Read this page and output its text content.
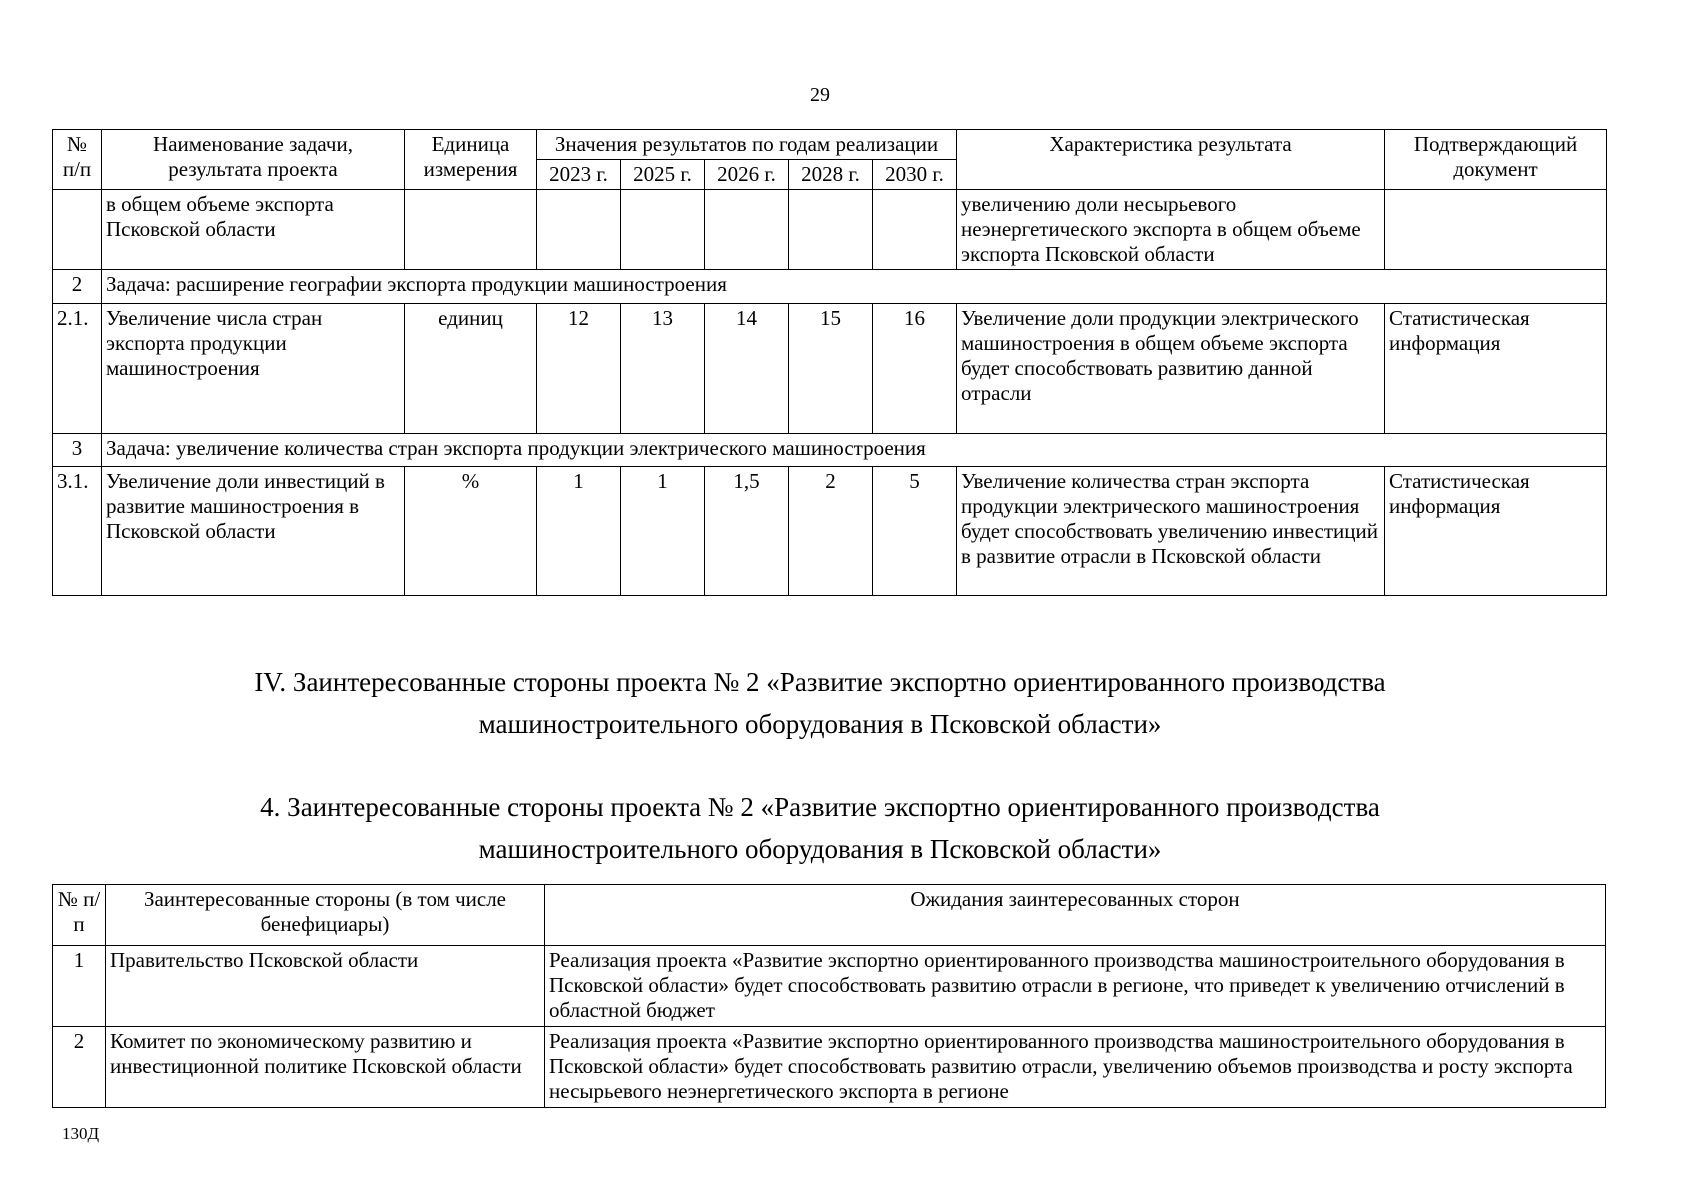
29
№ п/п	Наименование задачи, результата проекта	Единица измерения	Значения результатов по годам реализации					Характеристика результата	Подтверждающий документ
			2023 г.	2025 г.	2026 г.	2028 г.	2030 г.		
	в общем объеме экспорта Псковской области							увеличению доли несырьевого неэнергетического экспорта в общем объеме экспорта Псковской области	
2	Задача: расширение географии экспорта продукции машиностроения								
2.1.	Увеличение числа стран экспорта продукции машиностроения	единиц	12	13	14	15	16	Увеличение доли продукции электрического машиностроения в общем объеме экспорта будет способствовать развитию данной отрасли	Статистическая информация
3	Задача: увеличение количества стран экспорта продукции электрического машиностроения								
3.1.	Увеличение доли инвестиций в развитие машиностроения в Псковской области	%	1	1	1,5	2	5	Увеличение количества стран экспорта продукции электрического машиностроения будет способствовать увеличению инвестиций в развитие отрасли в Псковской области	Статистическая информация
IV. Заинтересованные стороны проекта № 2 «Развитие экспортно ориентированного производства
машиностроительного оборудования в Псковской области»
4. Заинтересованные стороны проекта № 2 «Развитие экспортно ориентированного производства
машиностроительного оборудования в Псковской области»
№ п/п	Заинтересованные стороны (в том числе бенефициары)	Ожидания заинтересованных сторон
1	Правительство Псковской области	Реализация проекта «Развитие экспортно ориентированного производства машиностроительного оборудования в Псковской области» будет способствовать развитию отрасли в регионе, что приведет к увеличению отчислений в областной бюджет
2	Комитет по экономическому развитию и инвестиционной политике Псковской области	Реализация проекта «Развитие экспортно ориентированного производства машиностроительного оборудования в Псковской области» будет способствовать развитию отрасли, увеличению объемов производства и росту экспорта несырьевого неэнергетического экспорта в регионе
130Д
